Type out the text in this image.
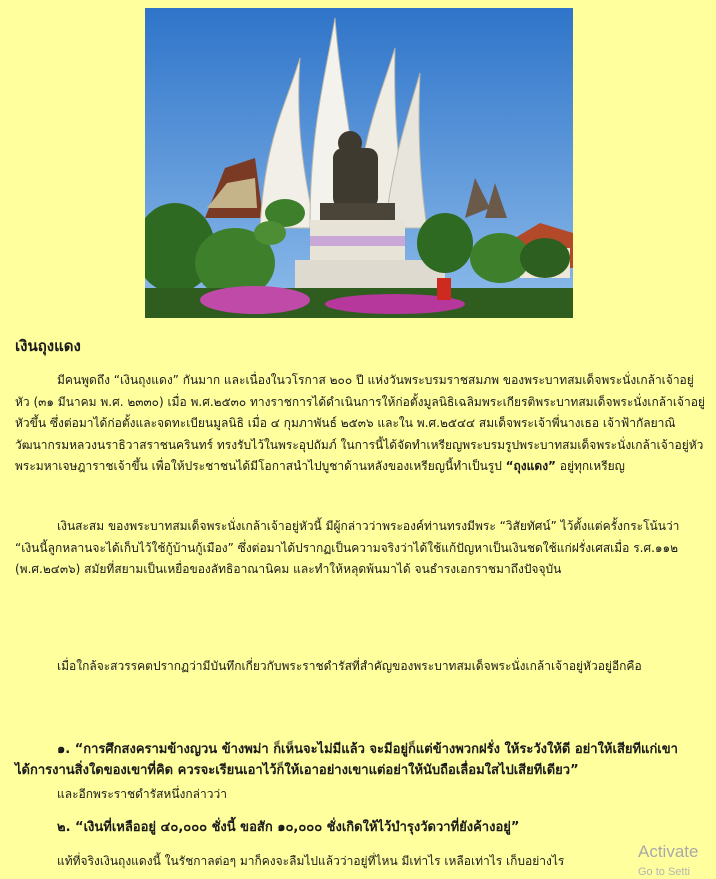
เงินถุงแดง

มีคนพูดถึง “เงินถุงแดง” กันมาก และเนื่องในวโรกาส ๒๐๐ ปี แห่งวันพระบรมราชสมภพ ของพระบาทสมเด็จพระนั่งเกล้าเจ้าอยู่หัว (๓๑ มีนาคม พ.ศ. ๒๓๓๐) เมื่อ พ.ศ.๒๕๓๐ ทางราชการได้ดำเนินการให้ก่อตั้งมูลนิธิเฉลิมพระเกียรติพระบาทสมเด็จพระนั่งเกล้าเจ้าอยู่หัวขึ้น ซึ่งต่อมาได้ก่อตั้งและจดทะเบียนมูลนิธิ เมื่อ ๔ กุมภาพันธ์ ๒๕๓๖ และใน พ.ศ.๒๕๔๔ สมเด็จพระเจ้าพี่นางเธอ เจ้าฟ้ากัลยาณิวัฒนากรมหลวงนราธิวาสราชนครินทร์ ทรงรับไว้ในพระอุปถัมภ์ ในการนี้ได้จัดทำเหรียญพระบรมรูปพระบาทสมเด็จพระนั่งเกล้าเจ้าอยู่หัวพระมหาเจษฎาราชเจ้าขึ้น เพื่อให้ประชาชนได้มีโอกาสนำไปบูชาด้านหลังของเหรียญนี้ทำเป็นรูป “ถุงแดง” อยู่ทุกเหรียญ

เงินสะสม ของพระบาทสมเด็จพระนั่งเกล้าเจ้าอยู่หัวนี้ มีผู้กล่าวว่าพระองค์ท่านทรงมีพระ “วิสัยทัศน์” ไว้ตั้งแต่ครั้งกระโน้นว่า “เงินนี้ลูกหลานจะได้เก็บไว้ใช้กู้บ้านกู้เมือง” ซึ่งต่อมาได้ปรากฏเป็นความจริงว่าได้ใช้แก้ปัญหาเป็นเงินชดใช้แก่ฝรั่งเศสเมื่อ ร.ศ.๑๑๒ (พ.ศ.๒๔๓๖) สมัยที่สยามเป็นเหยื่อของลัทธิอาณานิคม และทำให้หลุดพ้นมาได้ จนธำรงเอกราชมาถึงปัจจุบัน

เมื่อใกล้จะสวรรคตปรากฏว่ามีบันทึกเกี่ยวกับพระราชดำรัสที่สำคัญของพระบาทสมเด็จพระนั่งเกล้าเจ้าอยู่หัวอยู่อีกคือ

๑. “การศึกสงครามข้างญวน ข้างพม่า ก็เห็นจะไม่มีแล้ว จะมีอยู่ก็แต่ข้างพวกฝรั่ง ให้ระวังให้ดี อย่าให้เสียทีแก่เขาได้การงานสิ่งใดของเขาที่คิด ควรจะเรียนเอาไว้ก็ให้เอาอย่างเขาแต่อย่าให้นับถือเลื่อมใสไปเสียทีเดียว”

และอีกพระราชดำรัสหนึ่งกล่าวว่า

๒. “เงินที่เหลืออยู่ ๔๐,๐๐๐ ชั่งนี้ ขอสัก ๑๐,๐๐๐ ชั่งเกิดให้ไว้บำรุงวัดวาที่ยังค้างอยู่”

แท้ที่จริงเงินถุงแดงนี้ ในรัชกาลต่อๆ มาก็คงจะลืมไปแล้วว่าอยู่ที่ไหน มีเท่าไร เหลือเท่าไร เก็บอย่างไร	Activate
Go to Setti
